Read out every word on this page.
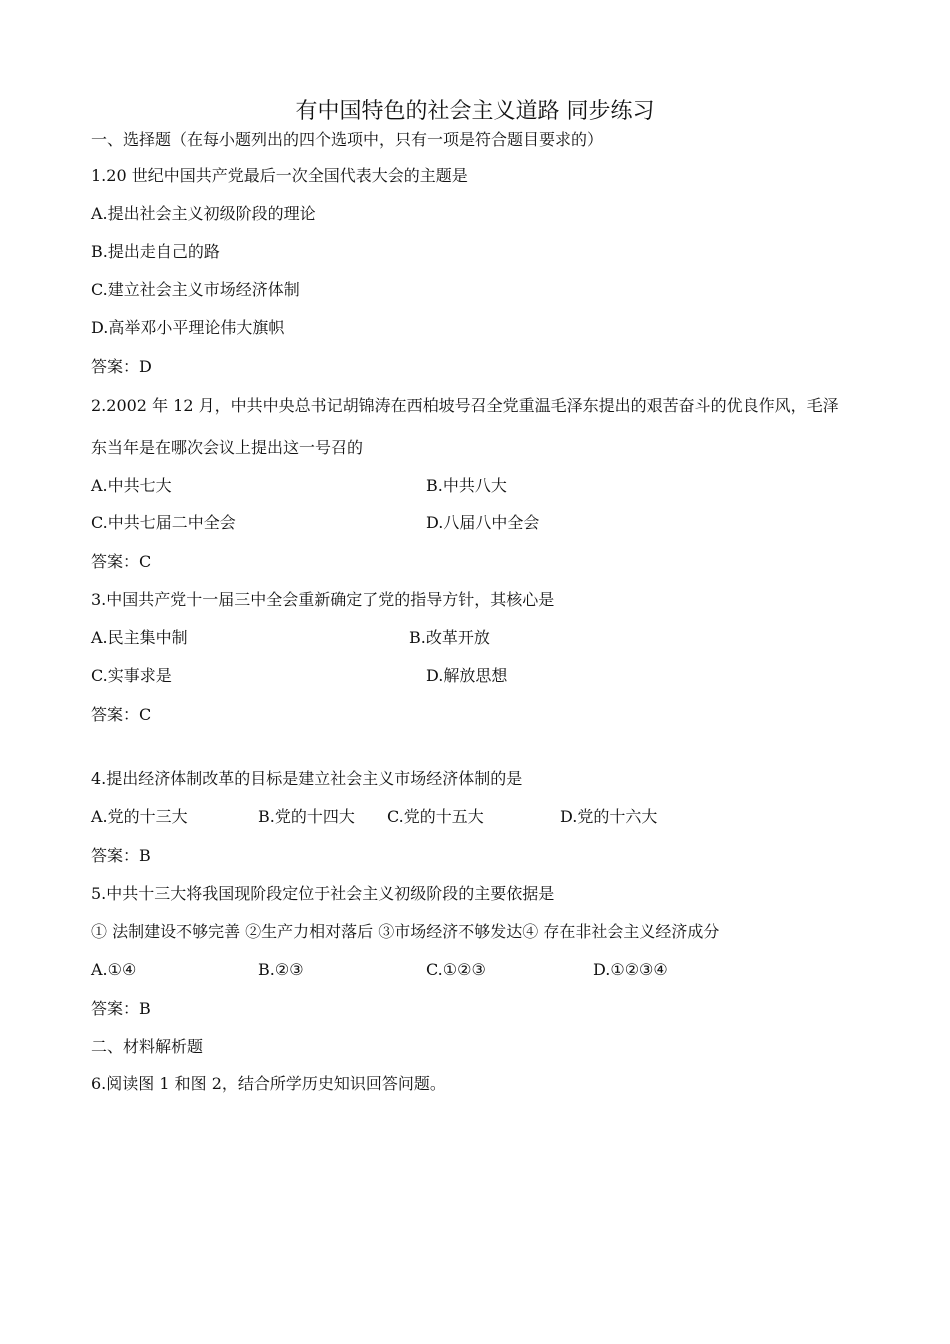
有中国特色的社会主义道路 同步练习
一、选择题（在每小题列出的四个选项中，只有一项是符合题目要求的）
1.20 世纪中国共产党最后一次全国代表大会的主题是
A.提出社会主义初级阶段的理论
B.提出走自己的路
C.建立社会主义市场经济体制
D.高举邓小平理论伟大旗帜
答案：D
2.2002 年 12 月，中共中央总书记胡锦涛在西柏坡号召全党重温毛泽东提出的艰苦奋斗的优良作风，毛泽
东当年是在哪次会议上提出这一号召的
A.中共七大	B.中共八大
C.中共七届二中全会	D.八届八中全会
答案：C
3.中国共产党十一届三中全会重新确定了党的指导方针，其核心是
A.民主集中制	B.改革开放
C.实事求是	D.解放思想
答案：C
4.提出经济体制改革的目标是建立社会主义市场经济体制的是
A.党的十三大	B.党的十四大 C.党的十五大	D.党的十六大
答案：B
5.中共十三大将我国现阶段定位于社会主义初级阶段的主要依据是
① 法制建设不够完善 ②生产力相对落后 ③市场经济不够发达④ 存在非社会主义经济成分
A.①④	B.②③	C.①②③	D.①②③④
答案：B
二、材料解析题
6.阅读图 1 和图 2，结合所学历史知识回答问题。
